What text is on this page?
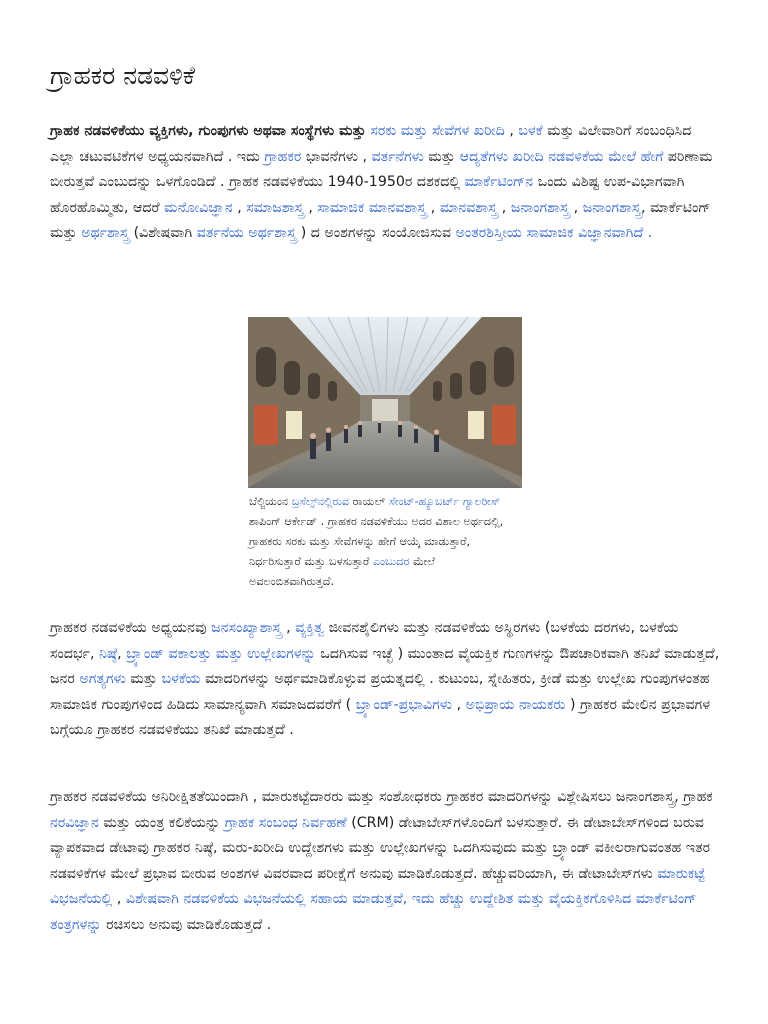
ಗ್ರಾಹಕರ ನಡವಳಿಕೆ

ಗ್ರಾಹಕ ನಡವಳಿಕೆಯು ವ್ಯಕ್ತಿಗಳು, ಗುಂಪುಗಳು ಅಥವಾ ಸಂಸ್ಥೆಗಳು ಮತ್ತು ಸರಕು ಮತ್ತು ಸೇವೆಗಳ ಖರೀದಿ , ಬಳಕೆ ಮತ್ತು ವಿಲೇವಾರಿಗೆ ಸಂಬಂಧಿಸಿದ ಎಲ್ಲಾ ಚಟುವಟಿಕೆಗಳ ಅಧ್ಯಯನವಾಗಿದೆ . ಇದು ಗ್ರಾಹಕರ ಭಾವನೆಗಳು , ವರ್ತನೆಗಳು ಮತ್ತು ಆದ್ಯತೆಗಳು ಖರೀದಿ ನಡವಳಿಕೆಯ ಮೇಲೆ ಹೇಗೆ ಪರಿಣಾಮ ಬೀರುತ್ತವೆ ಎಂಬುದನ್ನು ಒಳಗೊಂಡಿದೆ . ಗ್ರಾಹಕ ನಡವಳಿಕೆಯು 1940-1950ರ ದಶಕದಲ್ಲಿ ಮಾರ್ಕೆಟಿಂಗ್‌ನ ಒಂದು ವಿಶಿಷ್ಟ ಉಪ-ವಿಭಾಗವಾಗಿ ಹೊರಹೊಮ್ಮಿತು, ಆದರೆ ಮನೋವಿಜ್ಞಾನ , ಸಮಾಜಶಾಸ್ತ್ರ , ಸಾಮಾಜಿಕ ಮಾನವಶಾಸ್ತ್ರ , ಮಾನವಶಾಸ್ತ್ರ , ಜನಾಂಗಶಾಸ್ತ್ರ , ಜನಾಂಗಶಾಸ್ತ್ರ, ಮಾರ್ಕೆಟಿಂಗ್ ಮತ್ತು ಅರ್ಥಶಾಸ್ತ್ರ (ವಿಶೇಷವಾಗಿ ವರ್ತನೆಯ ಅರ್ಥಶಾಸ್ತ್ರ ) ದ ಅಂಶಗಳನ್ನು ಸಂಯೋಜಿಸುವ ಅಂತರಶಿಸ್ತೀಯ ಸಾಮಾಜಿಕ ವಿಜ್ಞಾನವಾಗಿದೆ .

ಬೆಲ್ಜಿಯಂನ ಬ್ರಸೆಲ್ಸ್‌ನಲ್ಲಿರುವ ರಾಯಲ್ ಸೇಂಟ್-ಹ್ಯೂಬರ್ಟ್ ಗ್ಯಾಲರೀಸ್ ಶಾಪಿಂಗ್ ಆರ್ಕೇಡ್ . ಗ್ರಾಹಕರ ನಡವಳಿಕೆಯು ಅದರ ವಿಶಾಲ ಅರ್ಥದಲ್ಲಿ, ಗ್ರಾಹಕರು ಸರಕು ಮತ್ತು ಸೇವೆಗಳನ್ನು ಹೇಗೆ ಆಯ್ಕೆ ಮಾಡುತ್ತಾರೆ, ನಿರ್ಧರಿಸುತ್ತಾರೆ ಮತ್ತು ಬಳಸುತ್ತಾರೆ ಎಂಬುದರ ಮೇಲೆ ಅವಲಂಬಿತವಾಗಿರುತ್ತದೆ.

ಗ್ರಾಹಕರ ನಡವಳಿಕೆಯ ಅಧ್ಯಯನವು ಜನಸಂಖ್ಯಾಶಾಸ್ತ್ರ , ವ್ಯಕ್ತಿತ್ವ ಜೀವನಶೈಲಿಗಳು ಮತ್ತು ನಡವಳಿಕೆಯ ಅಸ್ಥಿರಗಳು (ಬಳಕೆಯ ದರಗಳು, ಬಳಕೆಯ ಸಂದರ್ಭ, ನಿಷ್ಠೆ, ಬ್ರ್ಯಾಂಡ್ ವಕಾಲತ್ತು ಮತ್ತು ಉಲ್ಲೇಖಗಳನ್ನು ಒದಗಿಸುವ ಇಚ್ಛೆ ) ಮುಂತಾದ ವೈಯಕ್ತಿಕ ಗುಣಗಳನ್ನು ಔಪಚಾರಿಕವಾಗಿ ತನಿಖೆ ಮಾಡುತ್ತದೆ, ಜನರ ಅಗತ್ಯಗಳು ಮತ್ತು ಬಳಕೆಯ ಮಾದರಿಗಳನ್ನು ಅರ್ಥಮಾಡಿಕೊಳ್ಳುವ ಪ್ರಯತ್ನದಲ್ಲಿ . ಕುಟುಂಬ, ಸ್ನೇಹಿತರು, ಕ್ರೀಡೆ ಮತ್ತು ಉಲ್ಲೇಖ ಗುಂಪುಗಳಂತಹ ಸಾಮಾಜಿಕ ಗುಂಪುಗಳಿಂದ ಹಿಡಿದು ಸಾಮಾನ್ಯವಾಗಿ ಸಮಾಜದವರೆಗೆ ( ಬ್ರ್ಯಾಂಡ್-ಪ್ರಭಾವಿಗಳು , ಅಭಿಪ್ರಾಯ ನಾಯಕರು ) ಗ್ರಾಹಕರ ಮೇಲಿನ ಪ್ರಭಾವಗಳ ಬಗ್ಗೆಯೂ ಗ್ರಾಹಕರ ನಡವಳಿಕೆಯು ತನಿಖೆ ಮಾಡುತ್ತದೆ .

ಗ್ರಾಹಕರ ನಡವಳಿಕೆಯ ಅನಿರೀಕ್ಷಿತತೆಯಿಂದಾಗಿ , ಮಾರುಕಟ್ಟೆದಾರರು ಮತ್ತು ಸಂಶೋಧಕರು ಗ್ರಾಹಕರ ಮಾದರಿಗಳನ್ನು ವಿಶ್ಲೇಷಿಸಲು ಜನಾಂಗಶಾಸ್ತ್ರ, ಗ್ರಾಹಕ ನರವಿಜ್ಞಾನ ಮತ್ತು ಯಂತ್ರ ಕಲಿಕೆಯನ್ನು ಗ್ರಾಹಕ ಸಂಬಂಧ ನಿರ್ವಹಣೆ (CRM) ಡೇಟಾಬೇಸ್‌ಗಳೊಂದಿಗೆ ಬಳಸುತ್ತಾರೆ. ಈ ಡೇಟಾಬೇಸ್‌ಗಳಿಂದ ಬರುವ ವ್ಯಾಪಕವಾದ ಡೇಟಾವು ಗ್ರಾಹಕರ ನಿಷ್ಠೆ, ಮರು-ಖರೀದಿ ಉದ್ದೇಶಗಳು ಮತ್ತು ಉಲ್ಲೇಖಗಳನ್ನು ಒದಗಿಸುವುದು ಮತ್ತು ಬ್ರ್ಯಾಂಡ್ ವಕೀಲರಾಗುವಂತಹ ಇತರ ನಡವಳಿಕೆಗಳ ಮೇಲೆ ಪ್ರಭಾವ ಬೀರುವ ಅಂಶಗಳ ವಿವರವಾದ ಪರೀಕ್ಷೆಗೆ ಅನುವು ಮಾಡಿಕೊಡುತ್ತದೆ. ಹೆಚ್ಚುವರಿಯಾಗಿ, ಈ ಡೇಟಾಬೇಸ್‌ಗಳು ಮಾರುಕಟ್ಟೆ ವಿಭಜನೆಯಲ್ಲಿ , ವಿಶೇಷವಾಗಿ ನಡವಳಿಕೆಯ ವಿಭಜನೆಯಲ್ಲಿ ಸಹಾಯ ಮಾಡುತ್ತವೆ, ಇದು ಹೆಚ್ಚು ಉದ್ದೇಶಿತ ಮತ್ತು ವೈಯಕ್ತಿಕಗೊಳಿಸಿದ ಮಾರ್ಕೆಟಿಂಗ್ ತಂತ್ರಗಳನ್ನು ರಚಿಸಲು ಅನುವು ಮಾಡಿಕೊಡುತ್ತದೆ .
